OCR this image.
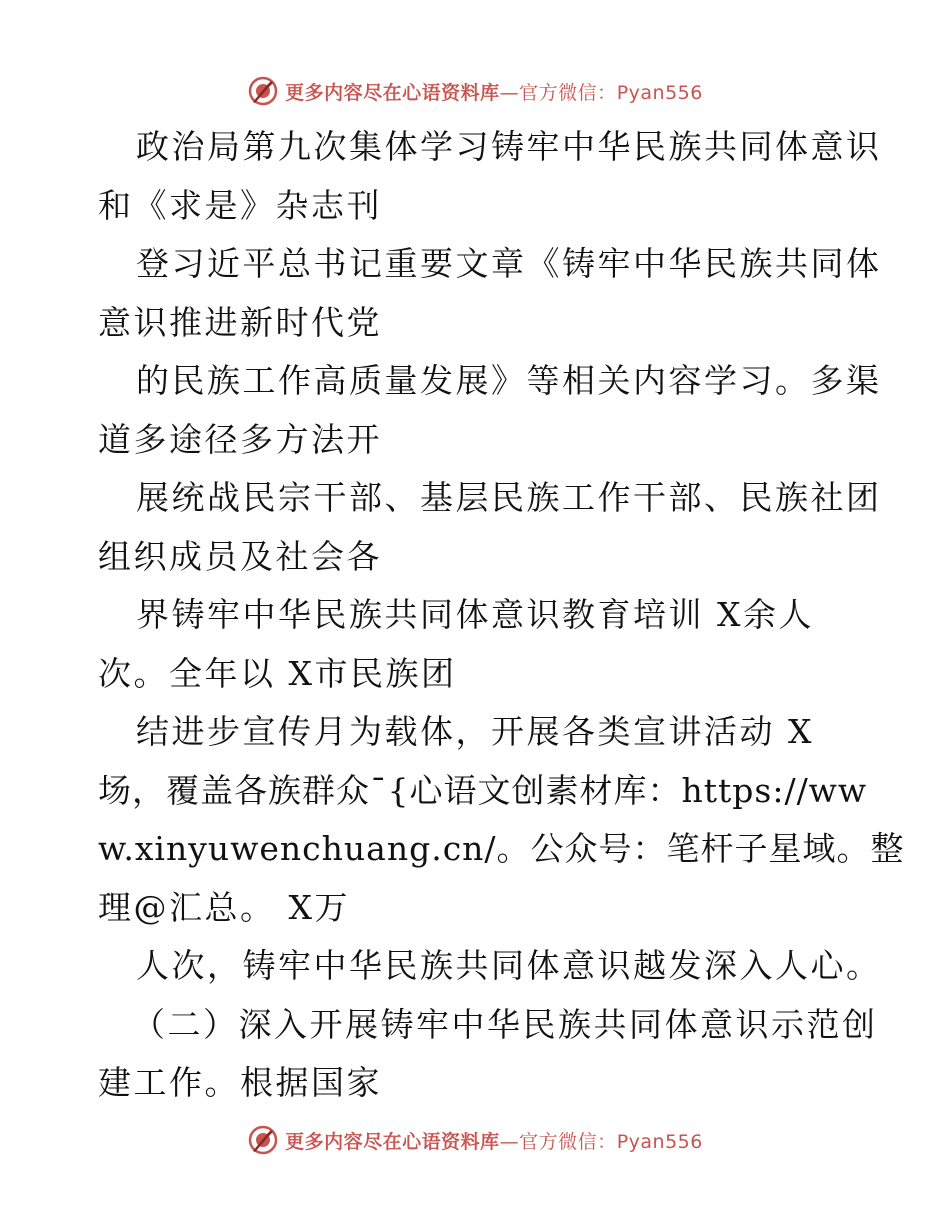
更多内容尽在心语资料库—官方微信：Pyan556
政治局第九次集体学习铸牢中华民族共同体意识
和《求是》杂志刊
登习近平总书记重要文章《铸牢中华民族共同体
意识推进新时代党
的民族工作高质量发展》等相关内容学习。多渠
道多途径多方法开
展统战民宗干部、基层民族工作干部、民族社团
组织成员及社会各
界铸牢中华民族共同体意识教育培训 X余人
次。全年以 X市民族团
结进步宣传月为载体，开展各类宣讲活动 X
场，覆盖各族群众¯{心语文创素材库：https://ww
w.xinyuwenchuang.cn/。公众号：笔杆子星域。整
理@汇总。 X万
人次，铸牢中华民族共同体意识越发深入人心。
（二）深入开展铸牢中华民族共同体意识示范创
建工作。根据国家
更多内容尽在心语资料库—官方微信：Pyan556
